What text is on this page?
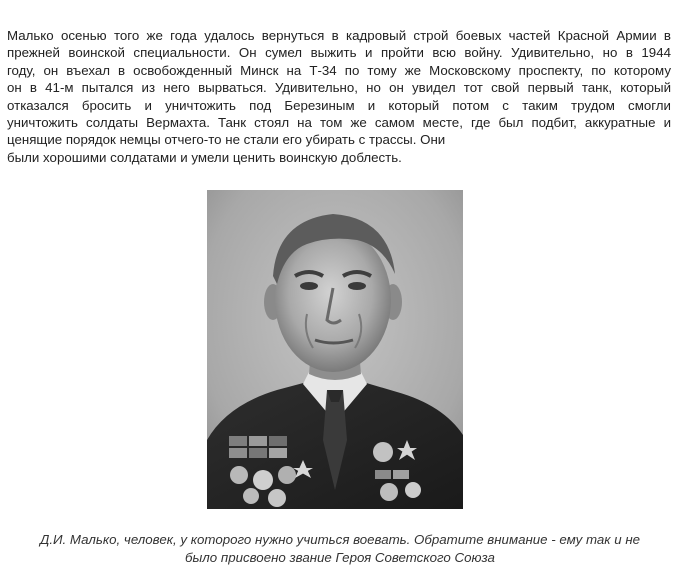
Малько осенью того же года удалось вернуться в кадровый строй боевых частей Красной Армии в
прежней воинской специальности. Он сумел выжить и пройти всю войну. Удивительно, но в 1944
году, он въехал в освобожденный Минск на Т-34 по тому же Московскому проспекту, по которому
он в 41-м пытался из него вырваться. Удивительно, но он увидел тот свой первый танк, который
отказался бросить и уничтожить под Березиным и который потом с таким трудом смогли
уничтожить солдаты Вермахта. Танк стоял на том же самом месте, где был подбит, аккуратные и
ценящие порядок немцы отчего-то не стали его убирать с трассы. Они
были хорошими солдатами и умели ценить воинскую доблесть.
Д.И. Малько, человек, у которого нужно учиться воевать. Обратите внимание - ему так и не
было присвоено звание Героя Советского Союза
